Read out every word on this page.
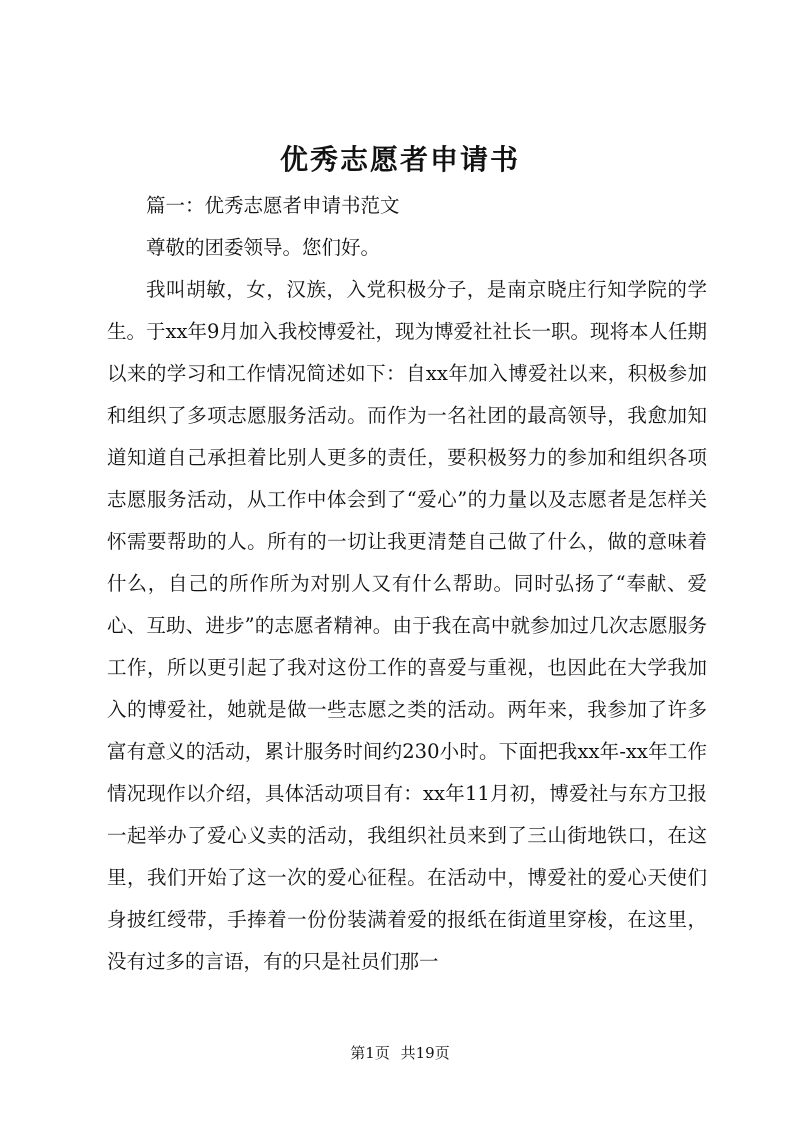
优秀志愿者申请书

篇一：优秀志愿者申请书范文

尊敬的团委领导。您们好。

我叫胡敏，女，汉族，入党积极分子，是南京晓庄行知学院的学生。于xx年9月加入我校博爱社，现为博爱社社长一职。现将本人任期以来的学习和工作情况简述如下：自xx年加入博爱社以来，积极参加和组织了多项志愿服务活动。而作为一名社团的最高领导，我愈加知道知道自己承担着比别人更多的责任，要积极努力的参加和组织各项志愿服务活动，从工作中体会到了“爱心”的力量以及志愿者是怎样关怀需要帮助的人。所有的一切让我更清楚自己做了什么，做的意味着什么，自己的所作所为对别人又有什么帮助。同时弘扬了“奉献、爱心、互助、进步”的志愿者精神。由于我在高中就参加过几次志愿服务工作，所以更引起了我对这份工作的喜爱与重视，也因此在大学我加入的博爱社，她就是做一些志愿之类的活动。两年来，我参加了许多富有意义的活动，累计服务时间约230小时。下面把我xx年-xx年工作情况现作以介绍，具体活动项目有：xx年11月初，博爱社与东方卫报一起举办了爱心义卖的活动，我组织社员来到了三山街地铁口，在这里，我们开始了这一次的爱心征程。在活动中，博爱社的爱心天使们身披红绶带，手捧着一份份装满着爱的报纸在街道里穿梭，在这里，没有过多的言语，有的只是社员们那一

第1页 共19页
